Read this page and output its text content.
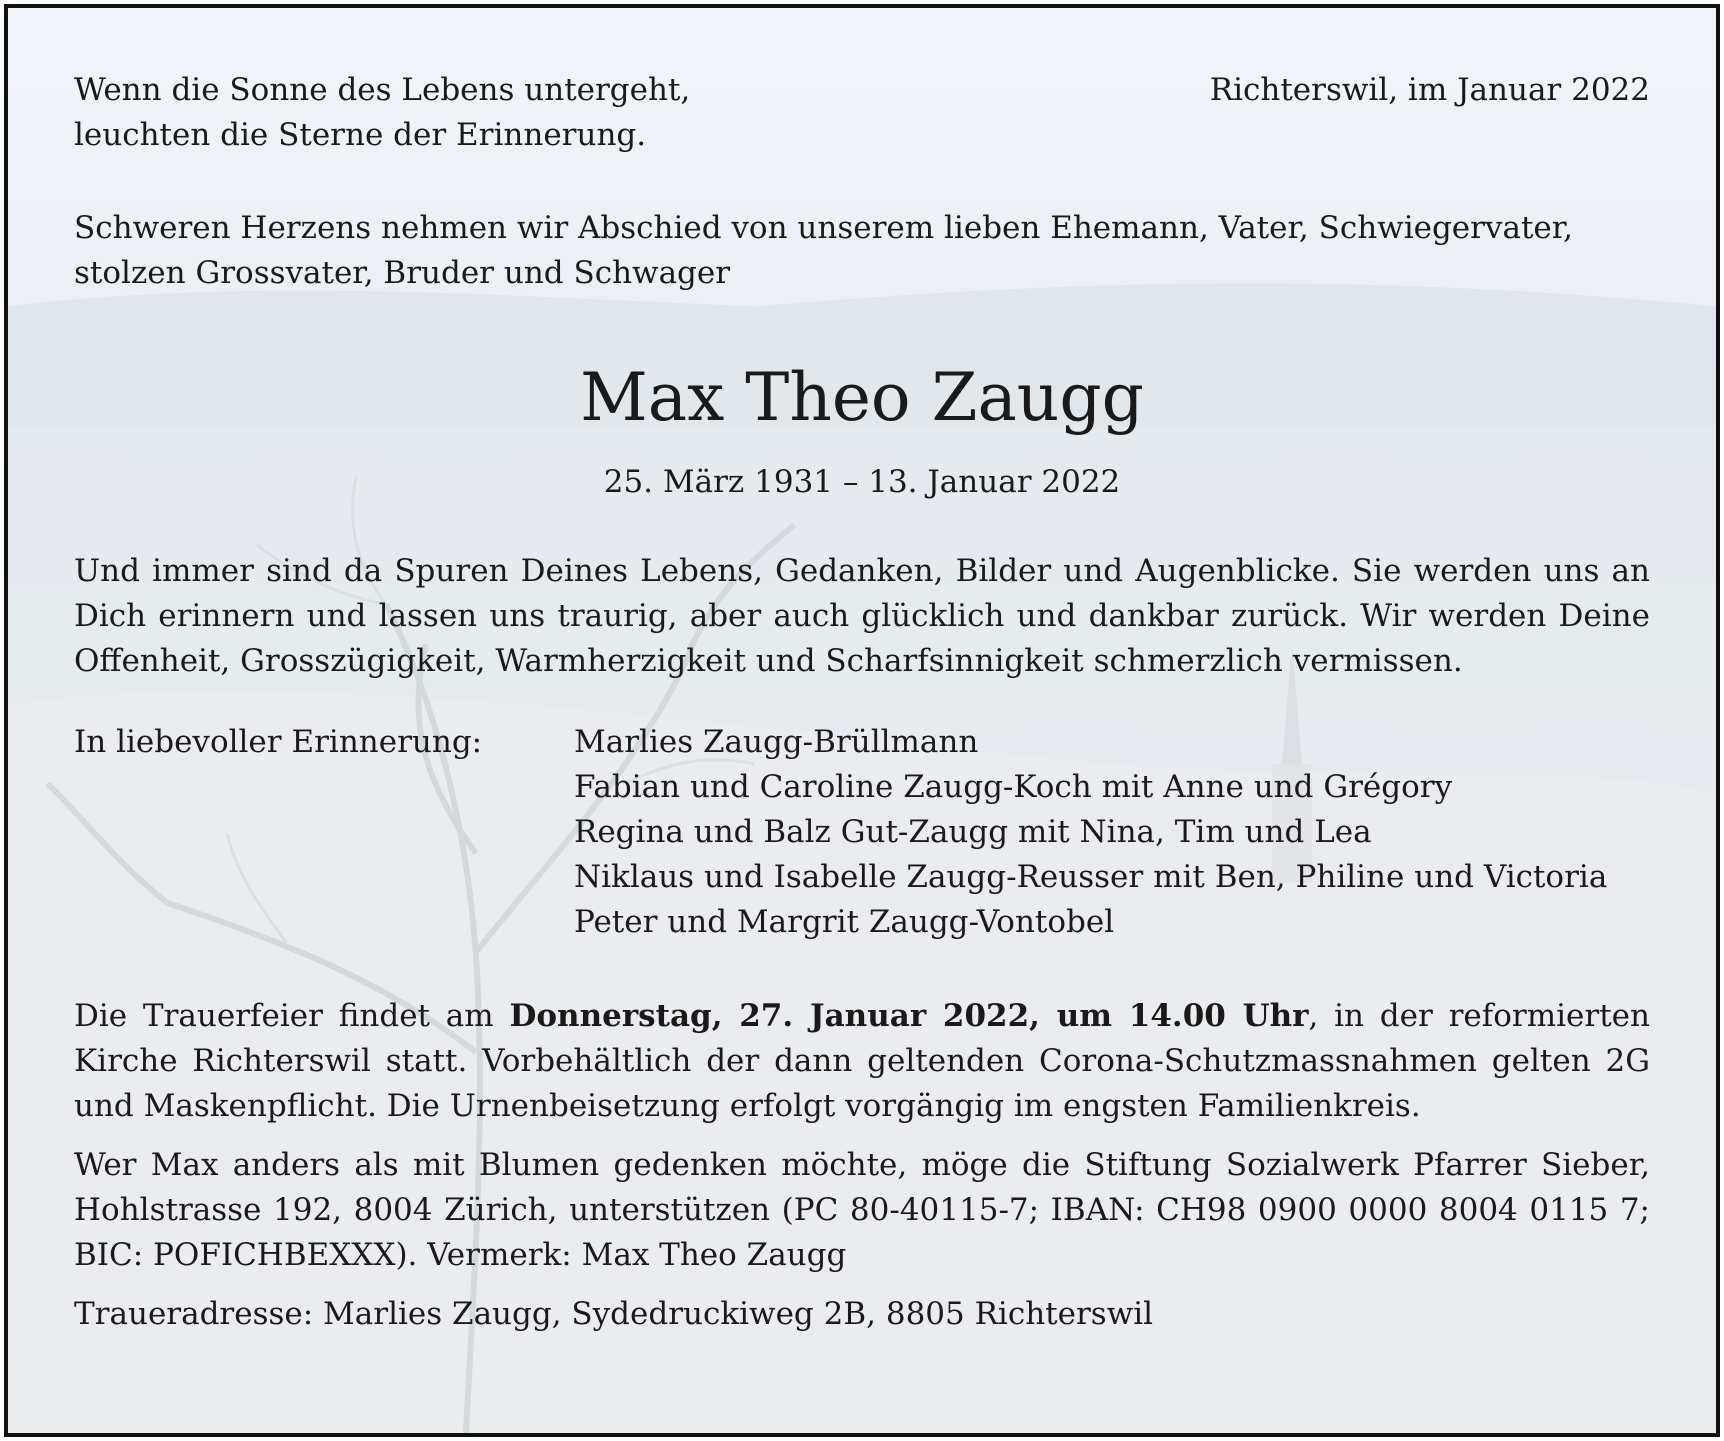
Wenn die Sonne des Lebens untergeht,
leuchten die Sterne der Erinnerung.
Richterswil, im Januar 2022
Schweren Herzens nehmen wir Abschied von unserem lieben Ehemann, Vater, Schwiegervater, stolzen Grossvater, Bruder und Schwager
Max Theo Zaugg
25. März 1931 – 13. Januar 2022
Und immer sind da Spuren Deines Lebens, Gedanken, Bilder und Augenblicke. Sie werden uns an Dich erinnern und lassen uns traurig, aber auch glücklich und dankbar zurück. Wir werden Deine Offenheit, Grosszügigkeit, Warmherzigkeit und Scharfsinnigkeit schmerzlich vermissen.
In liebevoller Erinnerung:	Marlies Zaugg-Brüllmann
Fabian und Caroline Zaugg-Koch mit Anne und Grégory
Regina und Balz Gut-Zaugg mit Nina, Tim und Lea
Niklaus und Isabelle Zaugg-Reusser mit Ben, Philine und Victoria
Peter und Margrit Zaugg-Vontobel
Die Trauerfeier findet am Donnerstag, 27. Januar 2022, um 14.00 Uhr, in der reformierten Kirche Richterswil statt. Vorbehältlich der dann geltenden Corona-Schutzmassnahmen gelten 2G und Maskenpflicht. Die Urnenbeisetzung erfolgt vorgängig im engsten Familienkreis.
Wer Max anders als mit Blumen gedenken möchte, möge die Stiftung Sozialwerk Pfarrer Sieber, Hohlstrasse 192, 8004 Zürich, unterstützen (PC 80-40115-7; IBAN: CH98 0900 0000 8004 0115 7; BIC: POFICHBEXXX). Vermerk: Max Theo Zaugg
Traueradresse: Marlies Zaugg, Sydedruckiweg 2B, 8805 Richterswil
